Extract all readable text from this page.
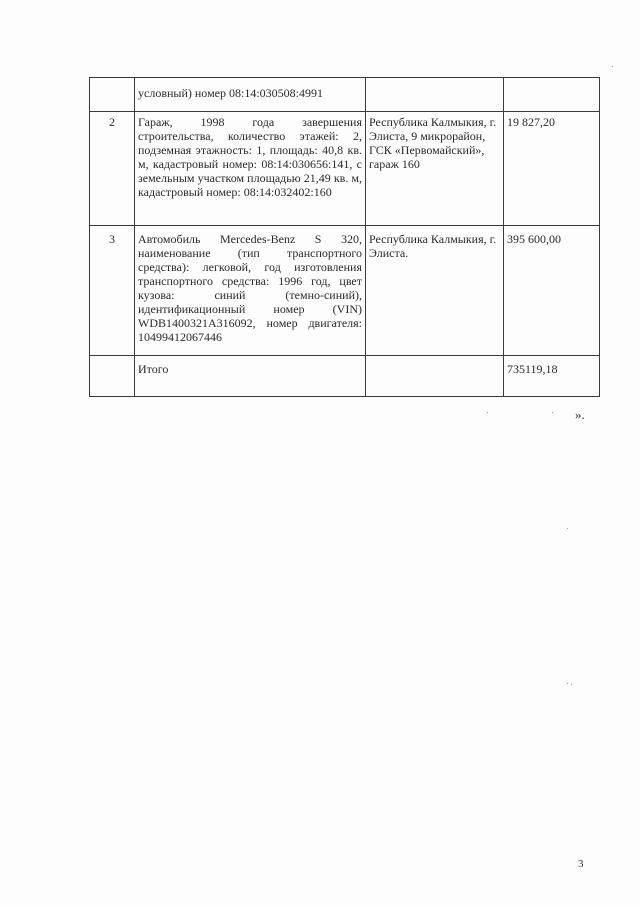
	условный) номер 08:14:030508:4991		
2	Гараж, 1998 года завершения строительства, количество этажей: 2, подземная этажность: 1, площадь: 40,8 кв. м, кадастровый номер: 08:14:030656:141, с земельным участком площадью 21,49 кв. м, кадастровый номер: 08:14:032402:160	Республика Калмыкия, г. Элиста, 9 микрорайон, ГСК «Первомайский», гараж 160	19 827,20
3	Автомобиль Mercedes-Benz S 320, наименование (тип транспортного средства): легковой, год изготовления транспортного средства: 1996 год, цвет кузова: синий (темно-синий), идентификационный номер (VIN) WDB1400321A316092, номер двигателя: 10499412067446	Республика Калмыкия, г. Элиста.	395 600,00
	Итого		735119,18
».
3
